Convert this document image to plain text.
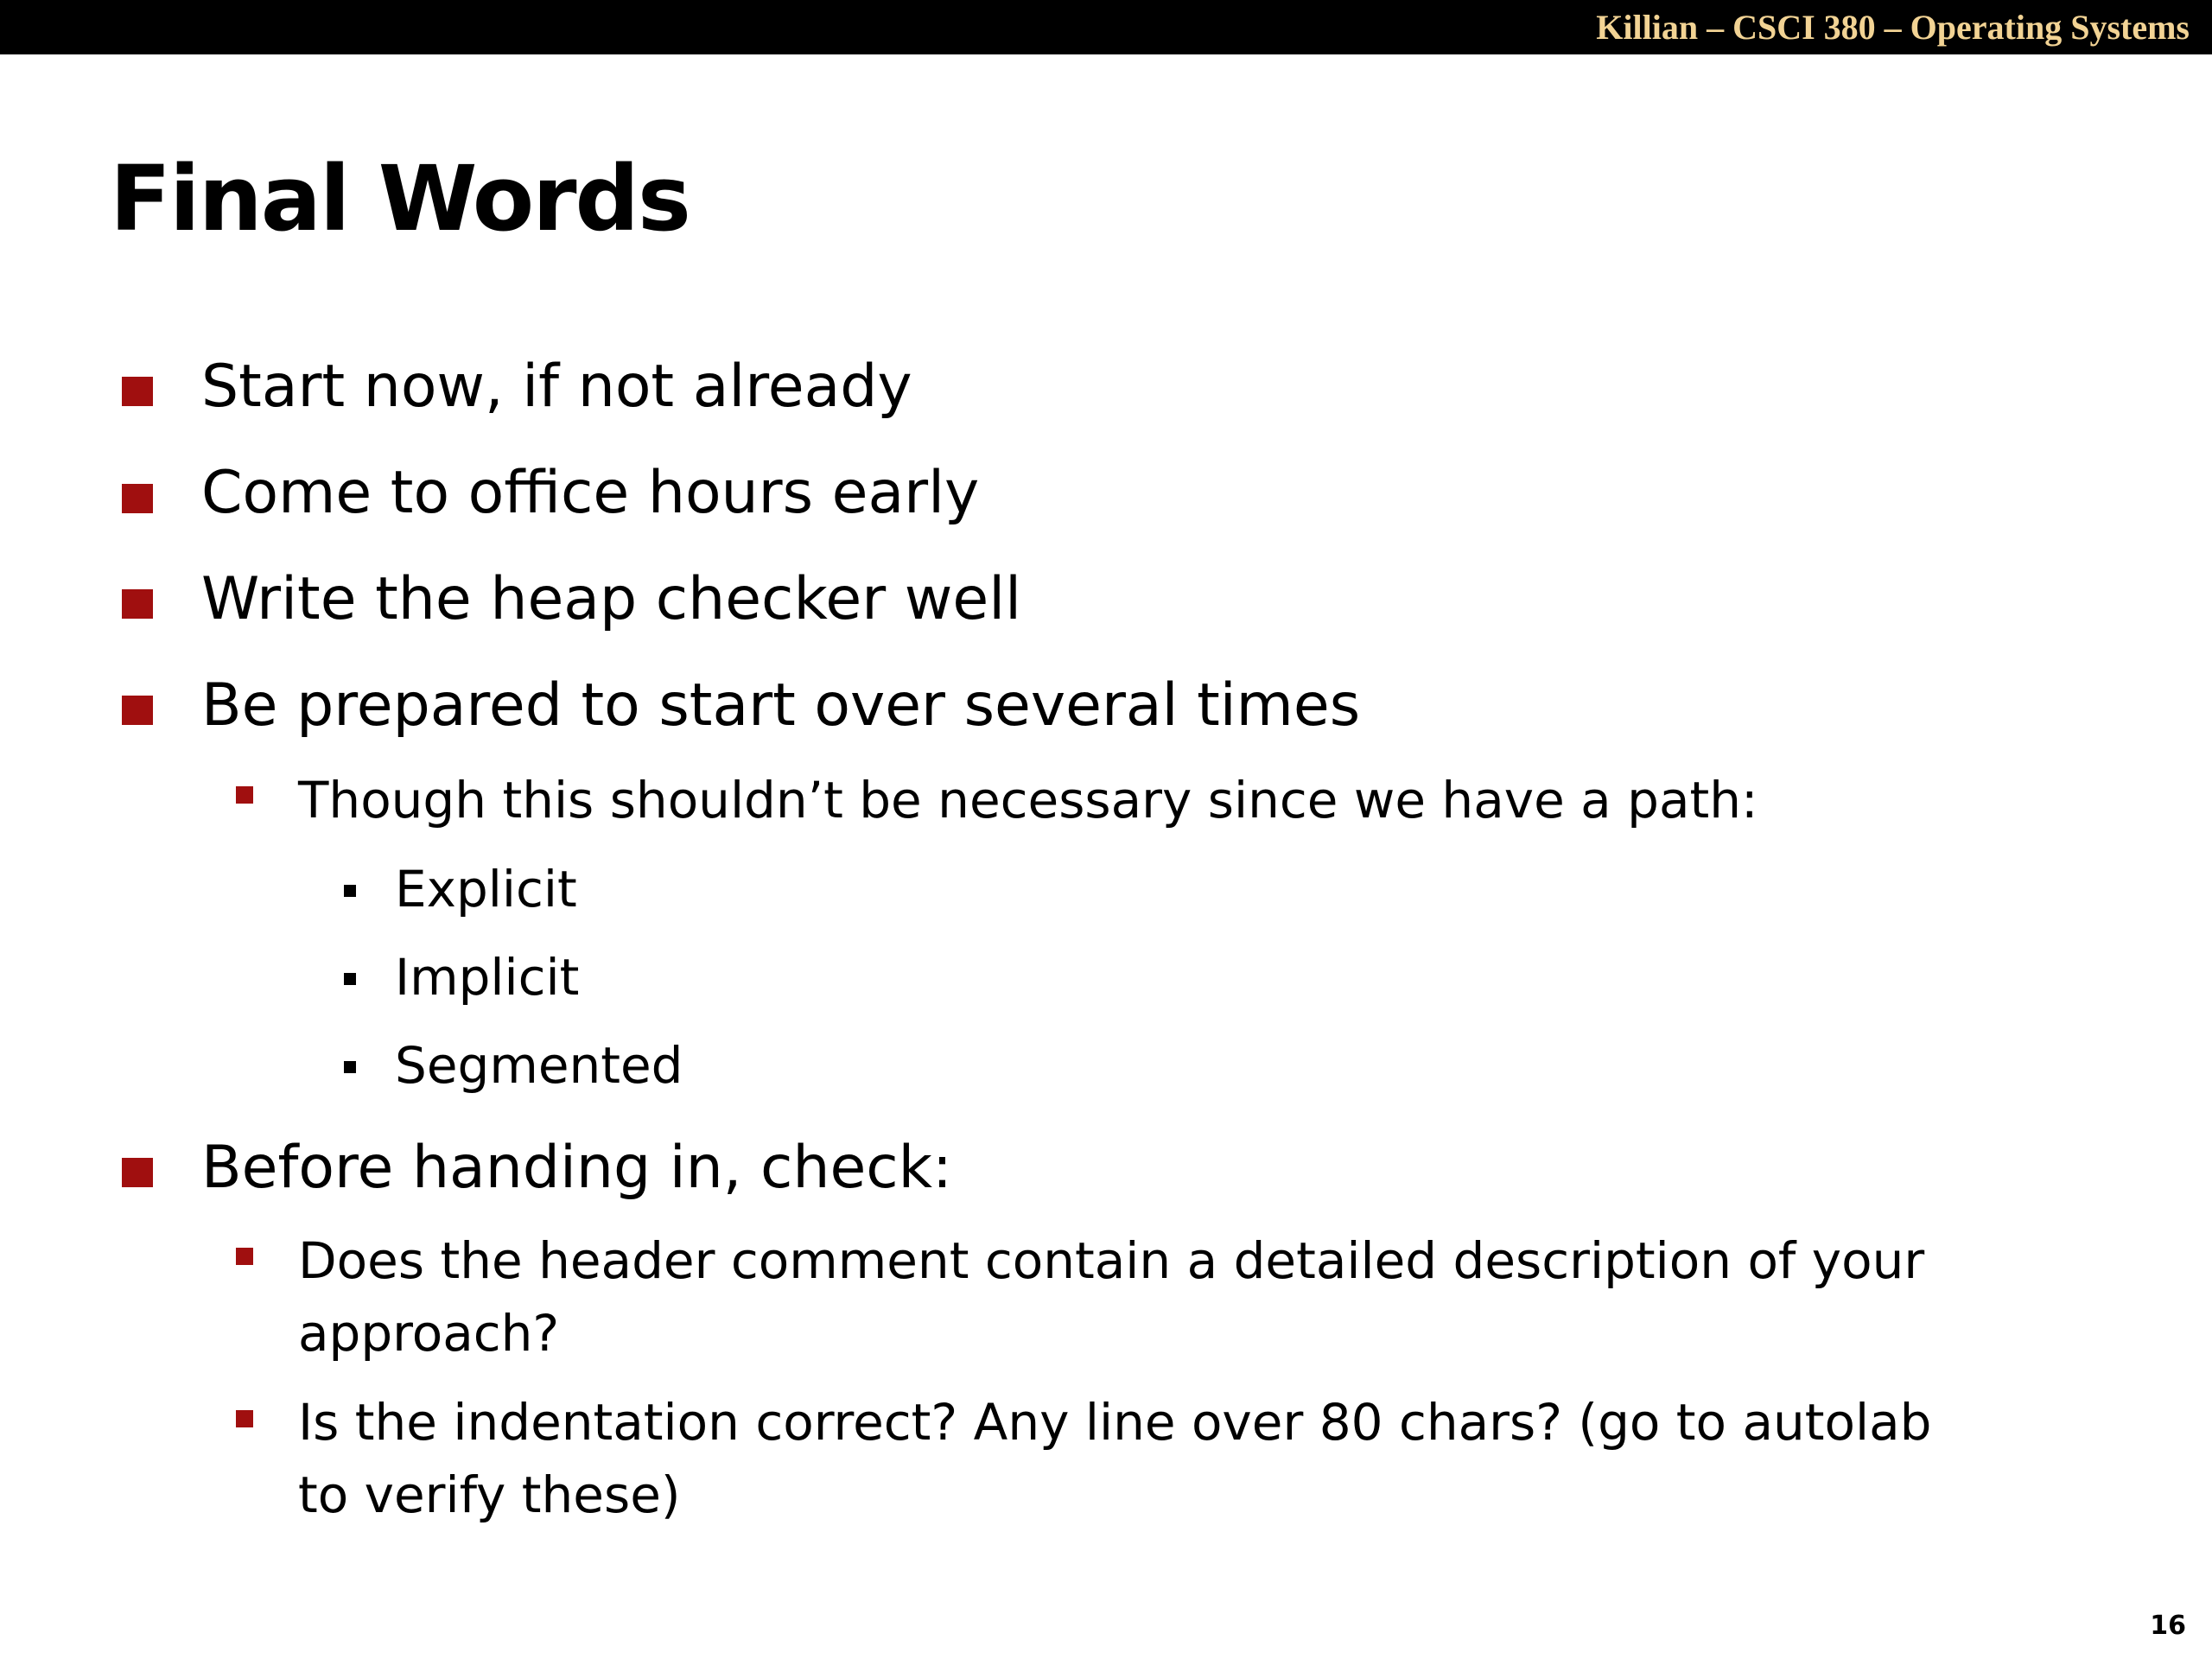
Killian – CSCI 380 – Operating Systems
Final Words
Start now, if not already
Come to office hours early
Write the heap checker well
Be prepared to start over several times
Though this shouldn’t be necessary since we have a path:
Explicit
Implicit
Segmented
Before handing in, check:
Does the header comment contain a detailed description of your
approach?
Is the indentation correct? Any line over 80 chars? (go to autolab
to verify these)
16
